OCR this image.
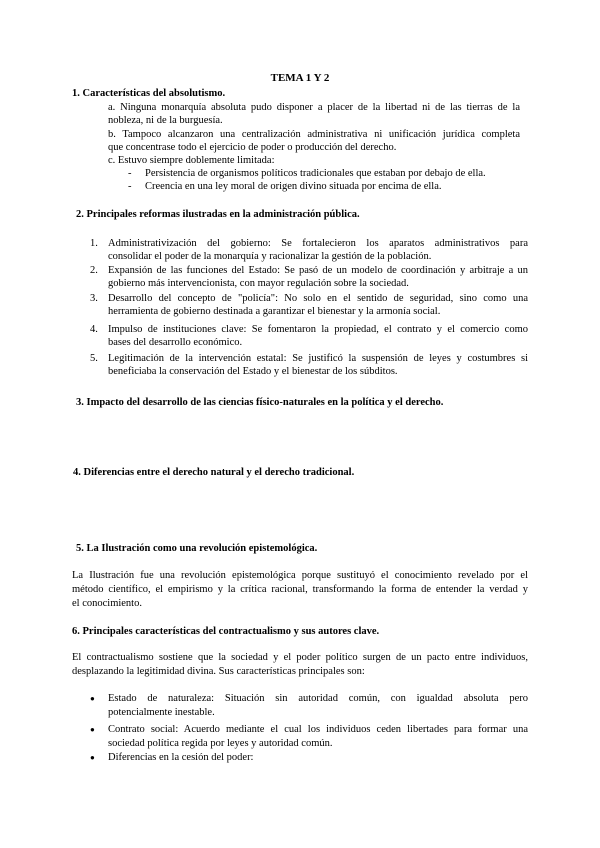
TEMA 1 Y 2
1. Características del absolutismo.
a. Ninguna monarquía absoluta pudo disponer a placer de la libertad ni de las tierras de la
nobleza, ni de la burguesía.
b. Tampoco alcanzaron una centralización administrativa ni unificación jurídica completa
que concentrase todo el ejercicio de poder o producción del derecho.
c. Estuvo siempre doblemente limitada:
- Persistencia de organismos políticos tradicionales que estaban por debajo de ella.
- Creencia en una ley moral de origen divino situada por encima de ella.
2. Principales reformas ilustradas en la administración pública.
1. Administrativización del gobierno: Se fortalecieron los aparatos administrativos para
consolidar el poder de la monarquía y racionalizar la gestión de la población.
2. Expansión de las funciones del Estado: Se pasó de un modelo de coordinación y arbitraje a un
gobierno más intervencionista, con mayor regulación sobre la sociedad.
3. Desarrollo del concepto de "policía": No solo en el sentido de seguridad, sino como una
herramienta de gobierno destinada a garantizar el bienestar y la armonía social.
4. Impulso de instituciones clave: Se fomentaron la propiedad, el contrato y el comercio como
bases del desarrollo económico.
5. Legitimación de la intervención estatal: Se justificó la suspensión de leyes y costumbres si
beneficiaba la conservación del Estado y el bienestar de los súbditos.
3. Impacto del desarrollo de las ciencias físico-naturales en la política y el derecho.
4. Diferencias entre el derecho natural y el derecho tradicional.
5. La Ilustración como una revolución epistemológica.
La Ilustración fue una revolución epistemológica porque sustituyó el conocimiento revelado por el
método científico, el empirismo y la crítica racional, transformando la forma de entender la verdad y
el conocimiento.
6. Principales características del contractualismo y sus autores clave.
El contractualismo sostiene que la sociedad y el poder político surgen de un pacto entre individuos,
desplazando la legitimidad divina. Sus características principales son:
● Estado de naturaleza: Situación sin autoridad común, con igualdad absoluta pero
potencialmente inestable.
● Contrato social: Acuerdo mediante el cual los individuos ceden libertades para formar una
sociedad política regida por leyes y autoridad común.
● Diferencias en la cesión del poder:
